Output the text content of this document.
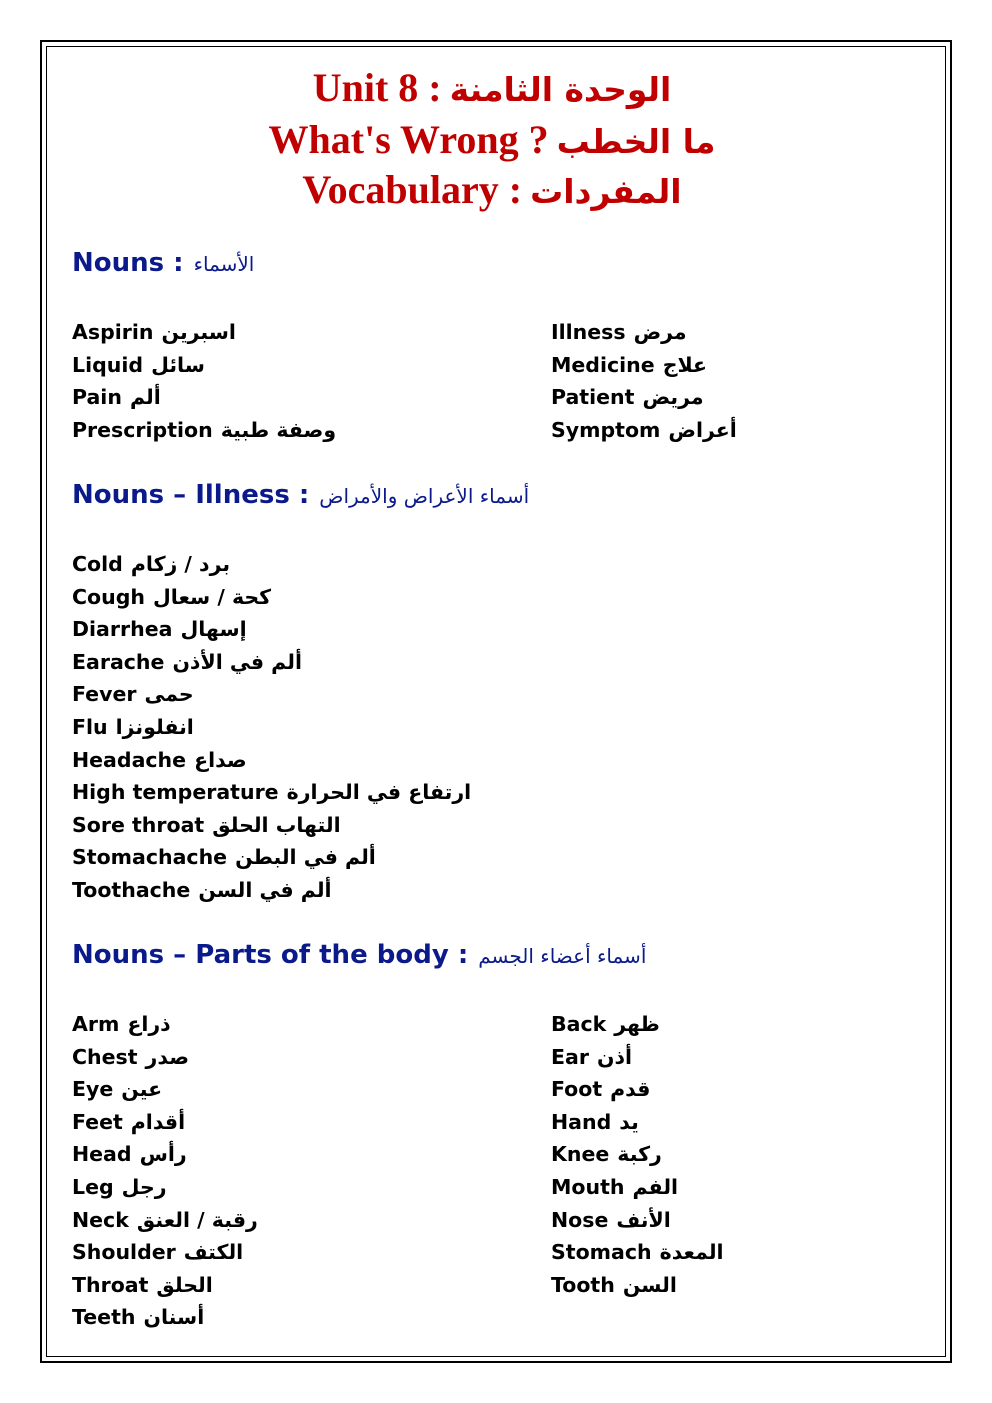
Unit 8 : الوحدة الثامنة
What's Wrong ? ما الخطب
Vocabulary : المفردات
Nouns : الأسماء
Aspirin اسبرين
Liquid سائل
Pain ألم
Prescription وصفة طبية
Illness مرض
Medicine علاج
Patient مريض
Symptom أعراض
Nouns – Illness : أسماء الأعراض والأمراض
Cold برد / زكام
Cough كحة / سعال
Diarrhea إسهال
Earache ألم في الأذن
Fever حمى
Flu انفلونزا
Headache صداع
High temperature ارتفاع في الحرارة
Sore throat التهاب الحلق
Stomachache ألم في البطن
Toothache ألم في السن
Nouns – Parts of the body : أسماء أعضاء الجسم
Arm ذراع
Chest صدر
Eye عين
Feet أقدام
Head رأس
Leg رجل
Neck رقبة / العنق
Shoulder الكتف
Throat الحلق
Teeth أسنان
Back ظهر
Ear أذن
Foot قدم
Hand يد
Knee ركبة
Mouth الفم
Nose الأنف
Stomach المعدة
Tooth السن
